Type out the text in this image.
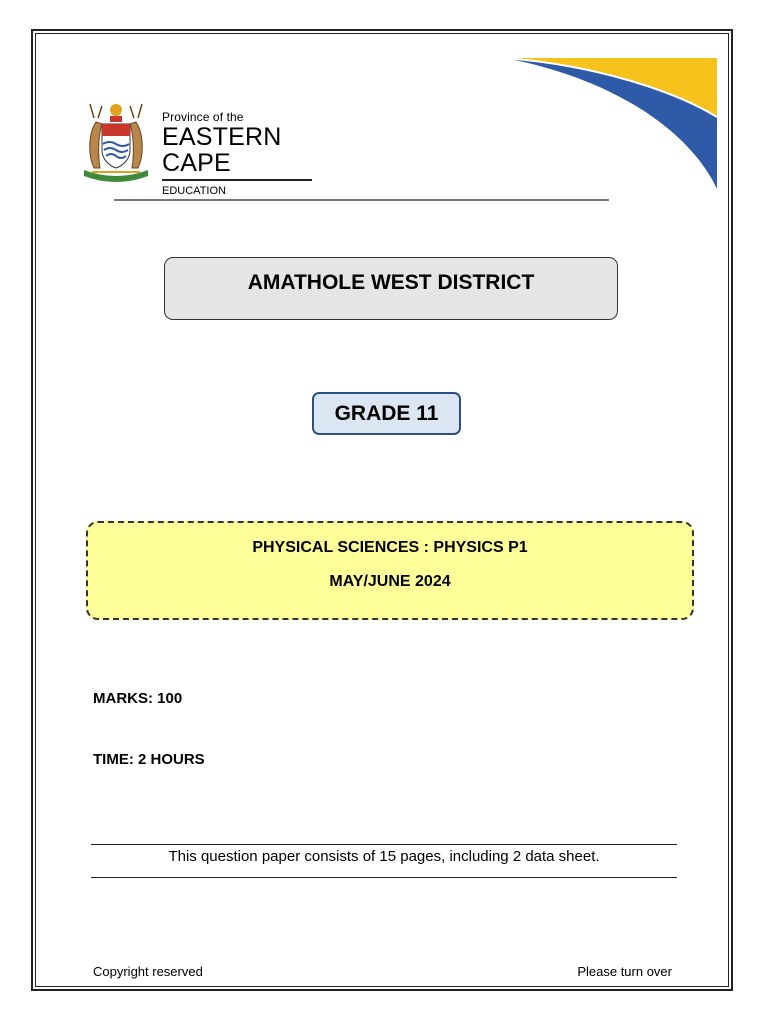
Province of the
EASTERN CAPE
EDUCATION
AMATHOLE WEST DISTRICT
GRADE 11
PHYSICAL SCIENCES : PHYSICS P1
MAY/JUNE 2024
MARKS: 100
TIME: 2 HOURS
This question paper consists of 15 pages, including 2 data sheet.
Copyright reserved	Please turn over
